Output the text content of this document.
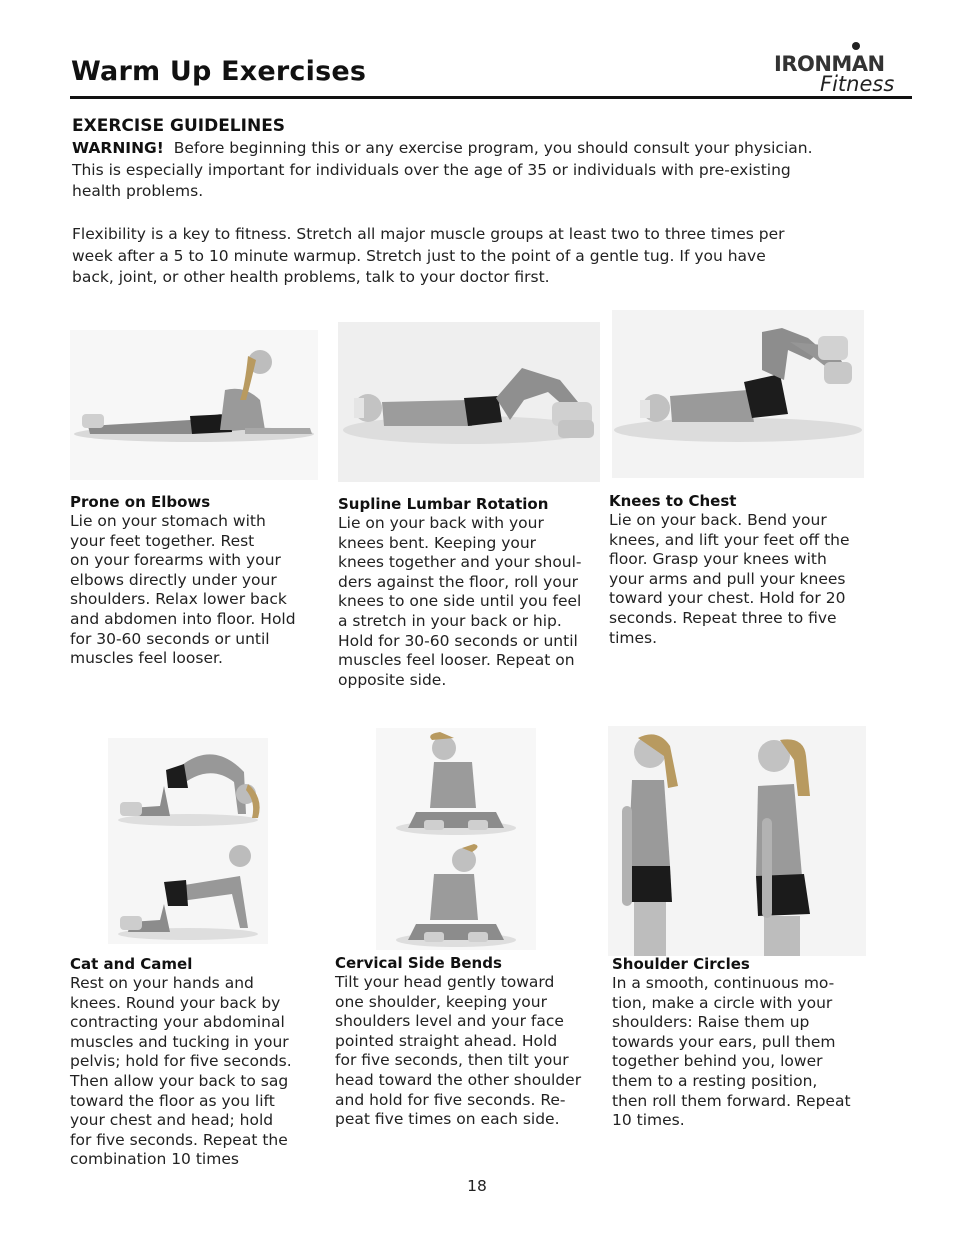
Warm Up Exercises	IRONMAN
Fitness
EXERCISE GUIDELINES
WARNING! Before beginning this or any exercise program, you should consult your physician.
This is especially important for individuals over the age of 35 or individuals with pre-existing
health problems.
Flexibility is a key to fitness. Stretch all major muscle groups at least two to three times per
week after a 5 to 10 minute warmup. Stretch just to the point of a gentle tug. If you have
back, joint, or other health problems, talk to your doctor first.
Prone on Elbows
Lie on your stomach with
your feet together. Rest
on your forearms with your
elbows directly under your
shoulders. Relax lower back
and abdomen into floor. Hold
for 30-60 seconds or until
muscles feel looser.
Supline Lumbar Rotation
Lie on your back with your
knees bent. Keeping your
knees together and your shoul-
ders against the floor, roll your
knees to one side until you feel
a stretch in your back or hip.
Hold for 30-60 seconds or until
muscles feel looser. Repeat on
opposite side.
Knees to Chest
Lie on your back. Bend your
knees, and lift your feet off the
floor. Grasp your knees with
your arms and pull your knees
toward your chest. Hold for 20
seconds. Repeat three to five
times.
Cat and Camel
Rest on your hands and
knees. Round your back by
contracting your abdominal
muscles and tucking in your
pelvis; hold for five seconds.
Then allow your back to sag
toward the floor as you lift
your chest and head; hold
for five seconds. Repeat the
combination 10 times
Cervical Side Bends
Tilt your head gently toward
one shoulder, keeping your
shoulders level and your face
pointed straight ahead. Hold
for five seconds, then tilt your
head toward the other shoulder
and hold for five seconds. Re-
peat five times on each side.
Shoulder Circles
In a smooth, continuous mo-
tion, make a circle with your
shoulders: Raise them up
towards your ears, pull them
together behind you, lower
them to a resting position,
then roll them forward. Repeat
10 times.
18
